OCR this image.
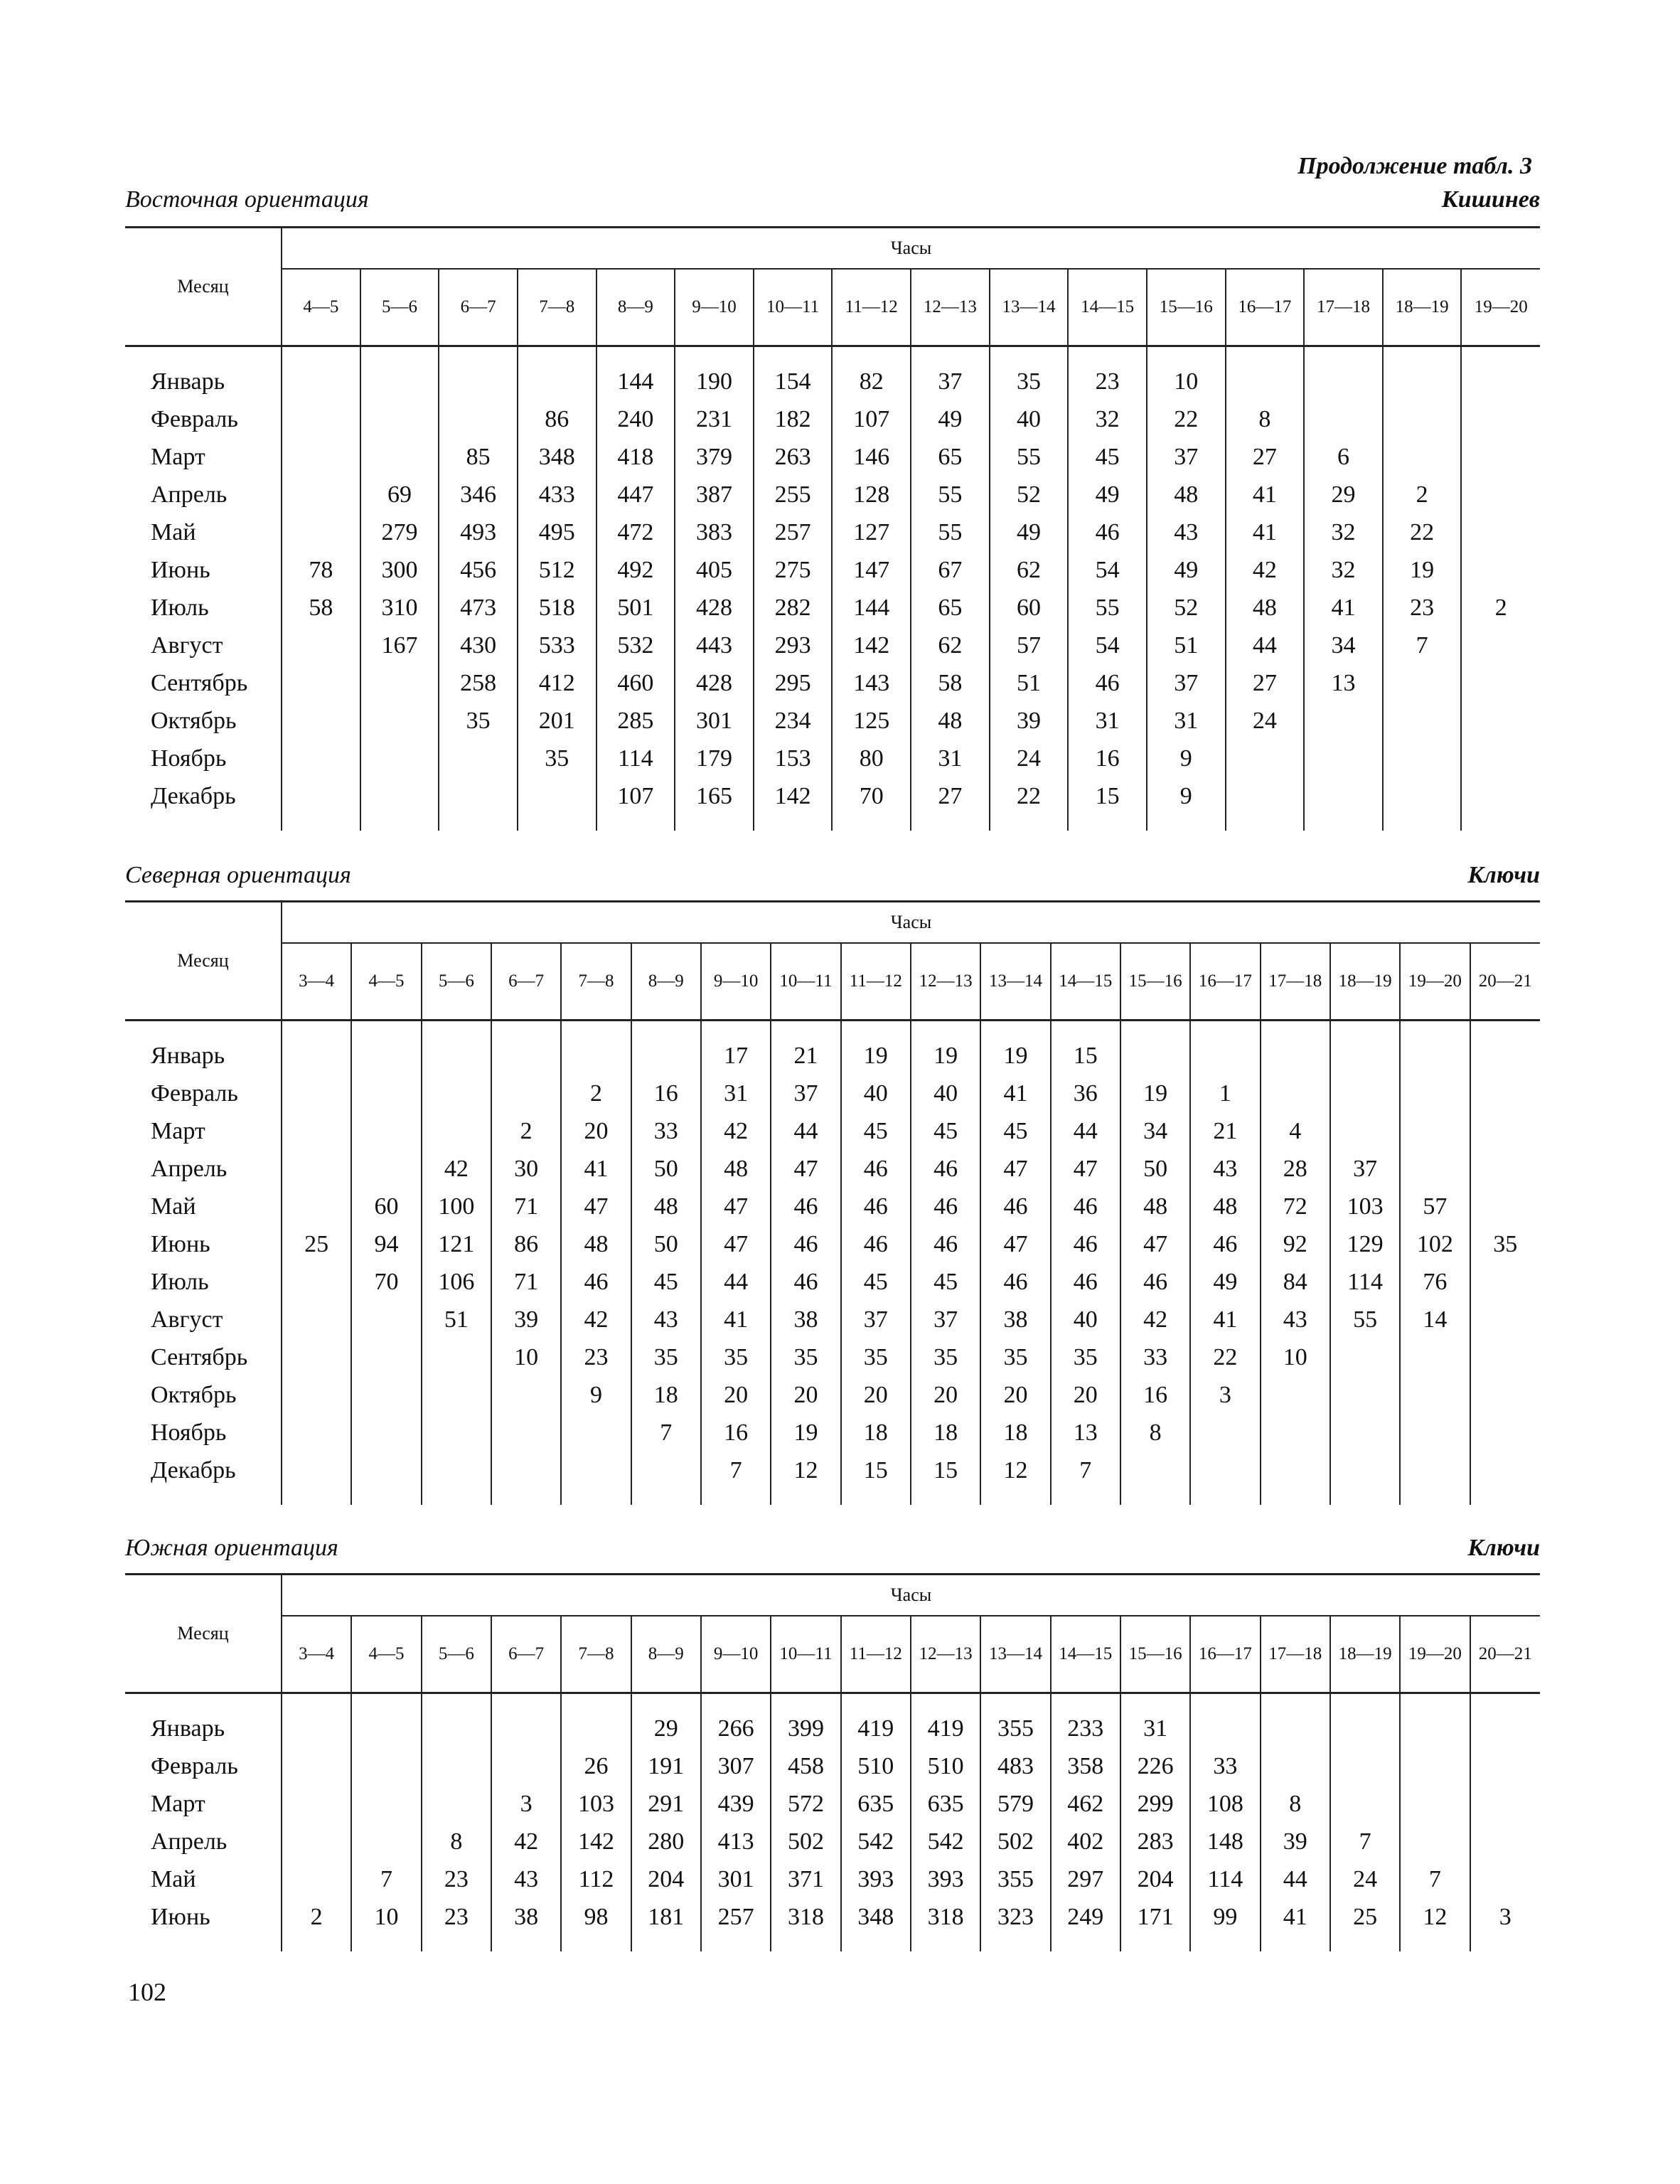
Продолжение табл. 3
Восточная ориентация	Кишинев
Месяц	Часы															
	4—5	5—6	6—7	7—8	8—9	9—10	10—11	11—12	12—13	13—14	14—15	15—16	16—17	17—18	18—19	19—20

Январь					144	190	154	82	37	35	23	10				
Февраль				86	240	231	182	107	49	40	32	22	8			
Март			85	348	418	379	263	146	65	55	45	37	27	6		
Апрель		69	346	433	447	387	255	128	55	52	49	48	41	29	2	
Май		279	493	495	472	383	257	127	55	49	46	43	41	32	22	
Июнь	78	300	456	512	492	405	275	147	67	62	54	49	42	32	19	
Июль	58	310	473	518	501	428	282	144	65	60	55	52	48	41	23	2
Август		167	430	533	532	443	293	142	62	57	54	51	44	34	7	
Сентябрь			258	412	460	428	295	143	58	51	46	37	27	13		
Октябрь			35	201	285	301	234	125	48	39	31	31	24			
Ноябрь				35	114	179	153	80	31	24	16	9				
Декабрь					107	165	142	70	27	22	15	9				

Северная ориентация	Ключи
Месяц	Часы																	
	3—4	4—5	5—6	6—7	7—8	8—9	9—10	10—11	11—12	12—13	13—14	14—15	15—16	16—17	17—18	18—19	19—20	20—21

Январь							17	21	19	19	19	15						
Февраль					2	16	31	37	40	40	41	36	19	1				
Март				2	20	33	42	44	45	45	45	44	34	21	4			
Апрель			42	30	41	50	48	47	46	46	47	47	50	43	28	37		
Май		60	100	71	47	48	47	46	46	46	46	46	48	48	72	103	57	
Июнь	25	94	121	86	48	50	47	46	46	46	47	46	47	46	92	129	102	35
Июль		70	106	71	46	45	44	46	45	45	46	46	46	49	84	114	76	
Август			51	39	42	43	41	38	37	37	38	40	42	41	43	55	14	
Сентябрь				10	23	35	35	35	35	35	35	35	33	22	10			
Октябрь					9	18	20	20	20	20	20	20	16	3				
Ноябрь						7	16	19	18	18	18	13	8					
Декабрь							7	12	15	15	12	7						

Южная ориентация	Ключи
Месяц	Часы																	
	3—4	4—5	5—6	6—7	7—8	8—9	9—10	10—11	11—12	12—13	13—14	14—15	15—16	16—17	17—18	18—19	19—20	20—21

Январь						29	266	399	419	419	355	233	31					
Февраль					26	191	307	458	510	510	483	358	226	33				
Март				3	103	291	439	572	635	635	579	462	299	108	8			
Апрель			8	42	142	280	413	502	542	542	502	402	283	148	39	7		
Май		7	23	43	112	204	301	371	393	393	355	297	204	114	44	24	7	
Июнь	2	10	23	38	98	181	257	318	348	318	323	249	171	99	41	25	12	3

102
